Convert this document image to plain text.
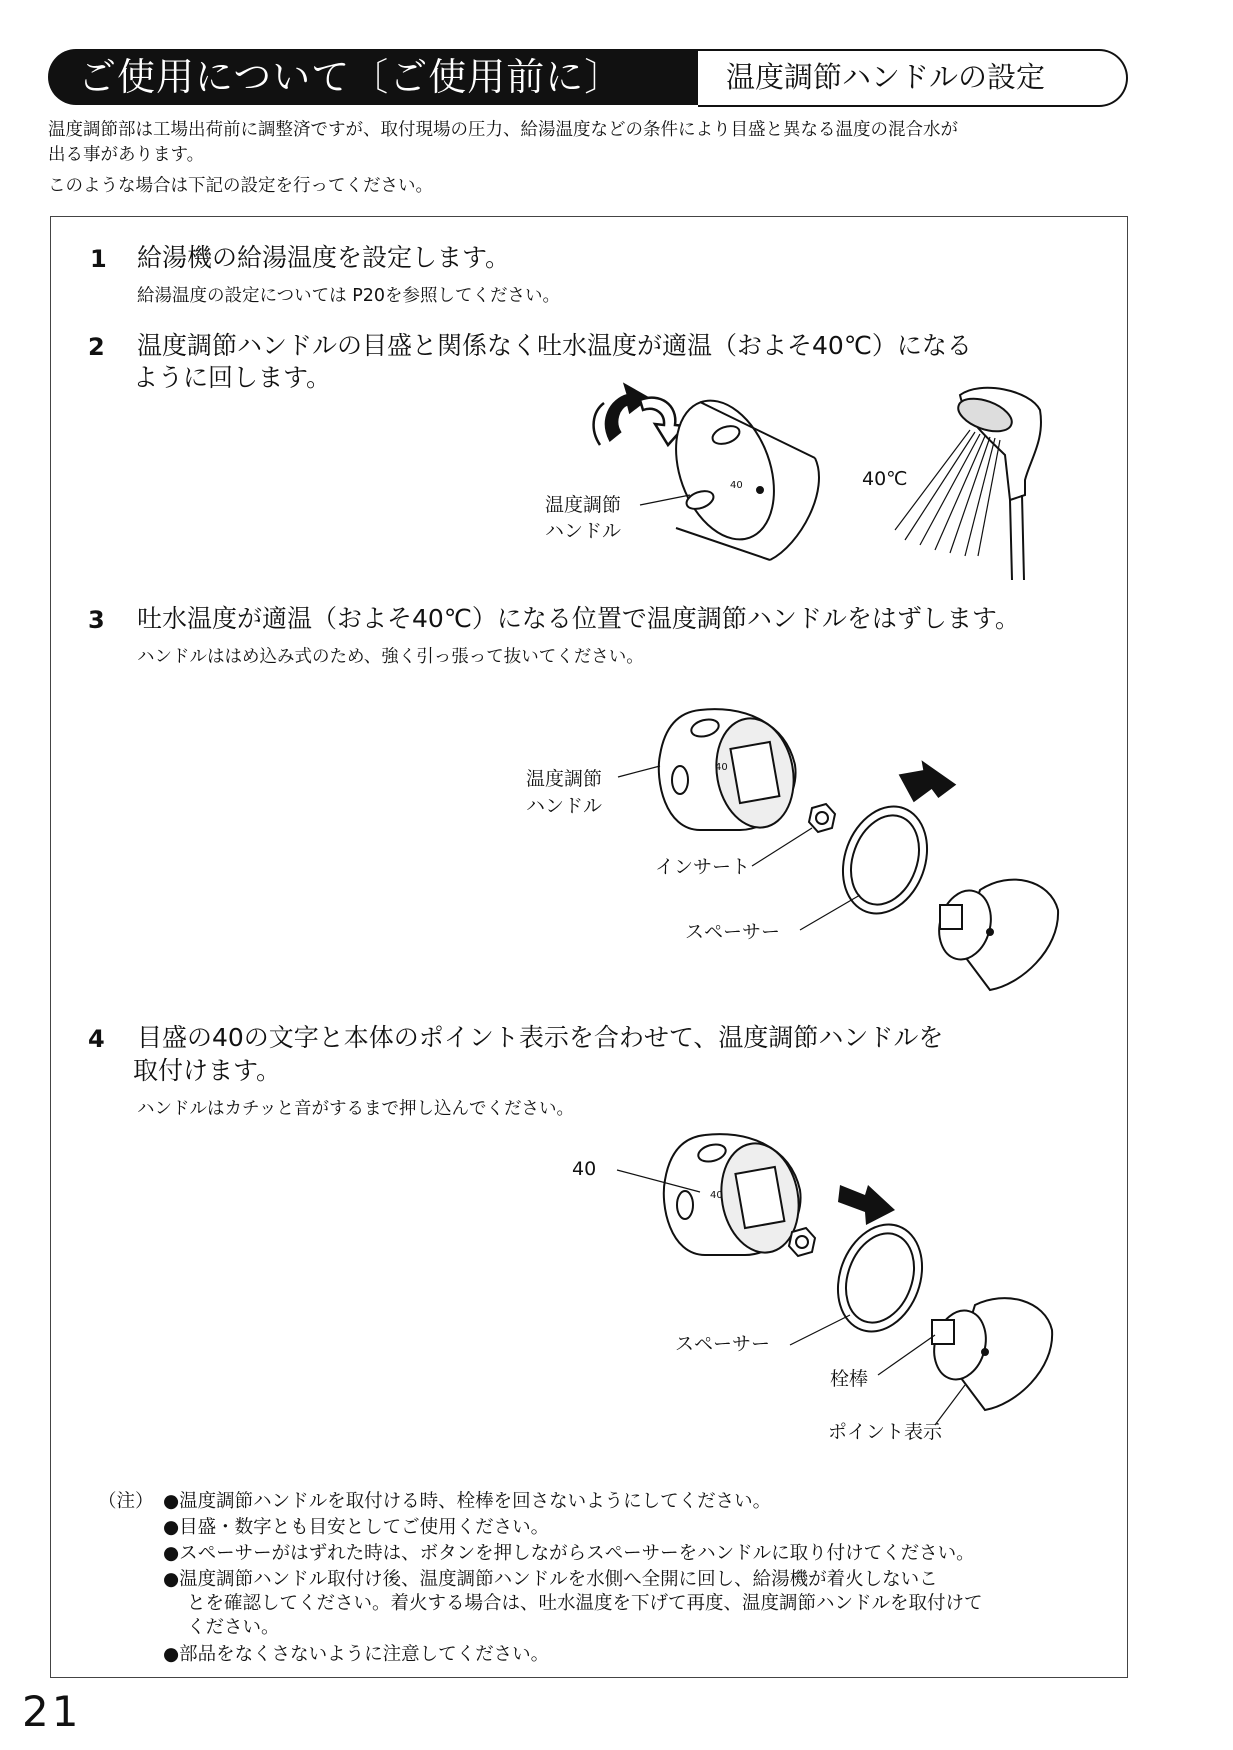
ご使用について〔ご使用前に〕	温度調節ハンドルの設定
温度調節部は工場出荷前に調整済ですが、取付現場の圧力、給湯温度などの条件により目盛と異なる温度の混合水が
出る事があります。
このような場合は下記の設定を行ってください。
1 給湯機の給湯温度を設定します。
給湯温度の設定については P20を参照してください。
2 温度調節ハンドルの目盛と関係なく吐水温度が適温（およそ40℃）になる
ように回します。
40
温度調節
ハンドル
40℃
3 吐水温度が適温（およそ40℃）になる位置で温度調節ハンドルをはずします。
ハンドルははめ込み式のため、強く引っ張って抜いてください。
40
温度調節
ハンドル
インサート
スペーサー
4 目盛の40の文字と本体のポイント表示を合わせて、温度調節ハンドルを
取付けます。
ハンドルはカチッと音がするまで押し込んでください。
40
40
スペーサー
栓棒
ポイント表示
（注） ●温度調節ハンドルを取付ける時、栓棒を回さないようにしてください。
●目盛・数字とも目安としてご使用ください。
●スペーサーがはずれた時は、ボタンを押しながらスペーサーをハンドルに取り付けてください。
●温度調節ハンドル取付け後、温度調節ハンドルを水側へ全開に回し、給湯機が着火しないこ
とを確認してください。着火する場合は、吐水温度を下げて再度、温度調節ハンドルを取付けて
ください。
●部品をなくさないように注意してください。
21
